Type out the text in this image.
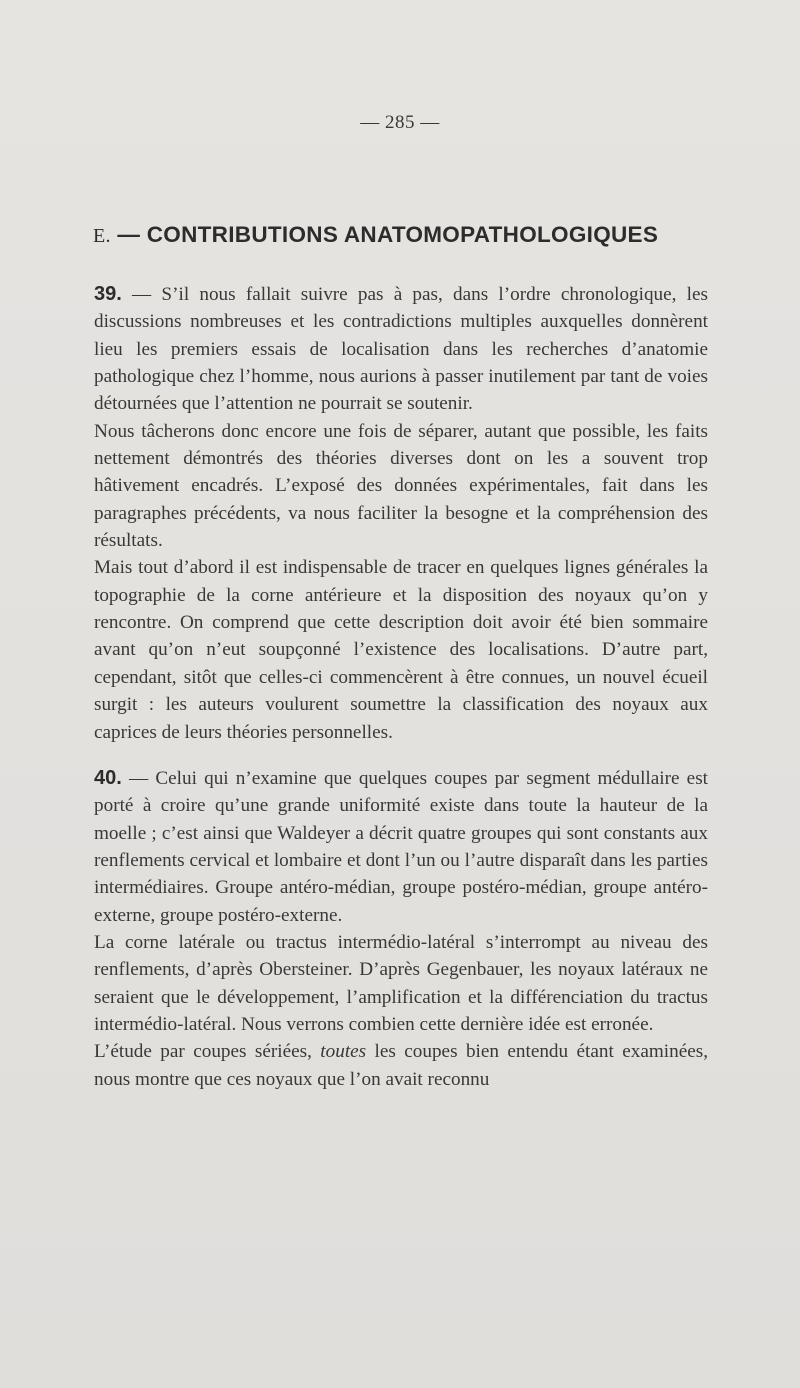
— 285 —
E. — CONTRIBUTIONS ANATOMOPATHOLOGIQUES

39. — S’il nous fallait suivre pas à pas, dans l’ordre chronologique, les discussions nombreuses et les contradictions multiples auxquelles donnèrent lieu les premiers essais de localisation dans les recherches d’anatomie pathologique chez l’homme, nous aurions à passer inutilement par tant de voies détournées que l’attention ne pourrait se soutenir.

Nous tâcherons donc encore une fois de séparer, autant que possible, les faits nettement démontrés des théories diverses dont on les a souvent trop hâtivement encadrés. L’exposé des données expérimentales, fait dans les paragraphes précédents, va nous faciliter la besogne et la compréhension des résultats.

Mais tout d’abord il est indispensable de tracer en quelques lignes générales la topographie de la corne antérieure et la disposition des noyaux qu’on y rencontre. On comprend que cette description doit avoir été bien sommaire avant qu’on n’eut soupçonné l’existence des localisations. D’autre part, cependant, sitôt que celles-ci commencèrent à être connues, un nouvel écueil surgit : les auteurs voulurent soumettre la classification des noyaux aux caprices de leurs théories personnelles.

40. — Celui qui n’examine que quelques coupes par segment médullaire est porté à croire qu’une grande uniformité existe dans toute la hauteur de la moelle ; c’est ainsi que Waldeyer a décrit quatre groupes qui sont constants aux renflements cervical et lombaire et dont l’un ou l’autre disparaît dans les parties intermédiaires. Groupe antéro-médian, groupe postéro-médian, groupe antéro-externe, groupe postéro-externe.

La corne latérale ou tractus intermédio-latéral s’interrompt au niveau des renflements, d’après Obersteiner. D’après Gegenbauer, les noyaux latéraux ne seraient que le développement, l’amplification et la différenciation du tractus intermédio-latéral. Nous verrons combien cette dernière idée est erronée.

L’étude par coupes sériées, toutes les coupes bien entendu étant examinées, nous montre que ces noyaux que l’on avait reconnu
